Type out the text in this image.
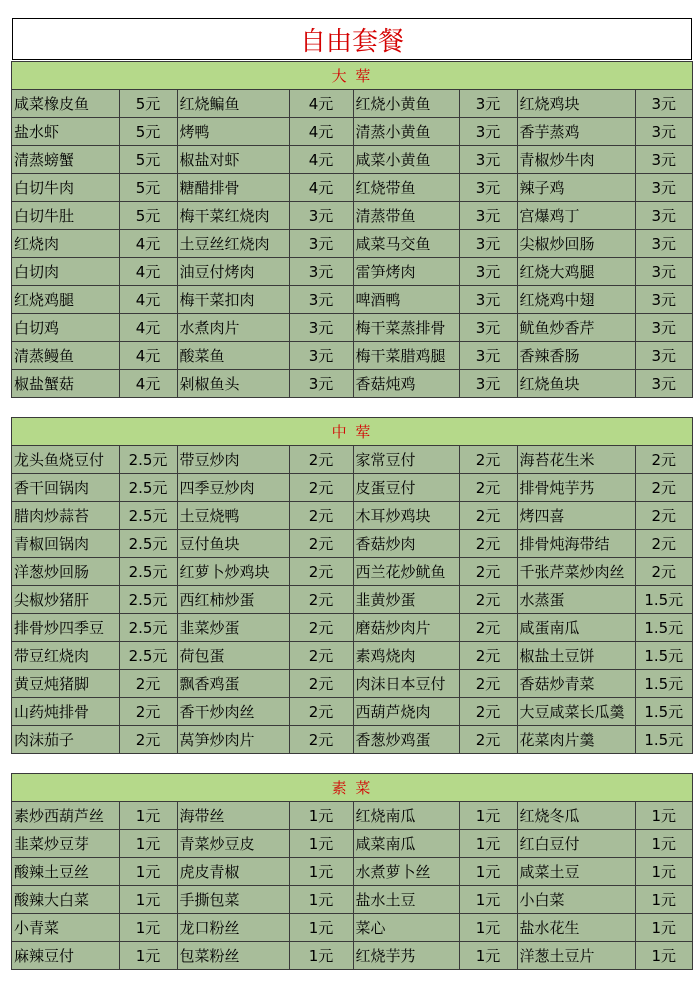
自由套餐
大 荤
咸菜橡皮鱼	5元	红烧鳊鱼	4元	红烧小黄鱼	3元	红烧鸡块	3元
盐水虾	5元	烤鸭	4元	清蒸小黄鱼	3元	香芋蒸鸡	3元
清蒸螃蟹	5元	椒盐对虾	4元	咸菜小黄鱼	3元	青椒炒牛肉	3元
白切牛肉	5元	糖醋排骨	4元	红烧带鱼	3元	辣子鸡	3元
白切牛肚	5元	梅干菜红烧肉	3元	清蒸带鱼	3元	宫爆鸡丁	3元
红烧肉	4元	土豆丝红烧肉	3元	咸菜马交鱼	3元	尖椒炒回肠	3元
白切肉	4元	油豆付烤肉	3元	雷笋烤肉	3元	红烧大鸡腿	3元
红烧鸡腿	4元	梅干菜扣肉	3元	啤酒鸭	3元	红烧鸡中翅	3元
白切鸡	4元	水煮肉片	3元	梅干菜蒸排骨	3元	鱿鱼炒香芹	3元
清蒸鳗鱼	4元	酸菜鱼	3元	梅干菜腊鸡腿	3元	香辣香肠	3元
椒盐蟹菇	4元	剁椒鱼头	3元	香菇炖鸡	3元	红烧鱼块	3元
中 荤
龙头鱼烧豆付	2.5元	带豆炒肉	2元	家常豆付	2元	海苔花生米	2元
香干回锅肉	2.5元	四季豆炒肉	2元	皮蛋豆付	2元	排骨炖芋艿	2元
腊肉炒蒜苔	2.5元	土豆烧鸭	2元	木耳炒鸡块	2元	烤四喜	2元
青椒回锅肉	2.5元	豆付鱼块	2元	香菇炒肉	2元	排骨炖海带结	2元
洋葱炒回肠	2.5元	红萝卜炒鸡块	2元	西兰花炒鱿鱼	2元	千张芹菜炒肉丝	2元
尖椒炒猪肝	2.5元	西红柿炒蛋	2元	韭黄炒蛋	2元	水蒸蛋	1.5元
排骨炒四季豆	2.5元	韭菜炒蛋	2元	磨菇炒肉片	2元	咸蛋南瓜	1.5元
带豆红烧肉	2.5元	荷包蛋	2元	素鸡烧肉	2元	椒盐土豆饼	1.5元
黄豆炖猪脚	2元	飘香鸡蛋	2元	肉沫日本豆付	2元	香菇炒青菜	1.5元
山药炖排骨	2元	香干炒肉丝	2元	西葫芦烧肉	2元	大豆咸菜长瓜羹	1.5元
肉沫茄子	2元	莴笋炒肉片	2元	香葱炒鸡蛋	2元	花菜肉片羹	1.5元
素 菜
素炒西葫芦丝	1元	海带丝	1元	红烧南瓜	1元	红烧冬瓜	1元
韭菜炒豆芽	1元	青菜炒豆皮	1元	咸菜南瓜	1元	红白豆付	1元
酸辣土豆丝	1元	虎皮青椒	1元	水煮萝卜丝	1元	咸菜土豆	1元
酸辣大白菜	1元	手撕包菜	1元	盐水土豆	1元	小白菜	1元
小青菜	1元	龙口粉丝	1元	菜心	1元	盐水花生	1元
麻辣豆付	1元	包菜粉丝	1元	红烧芋艿	1元	洋葱土豆片	1元
